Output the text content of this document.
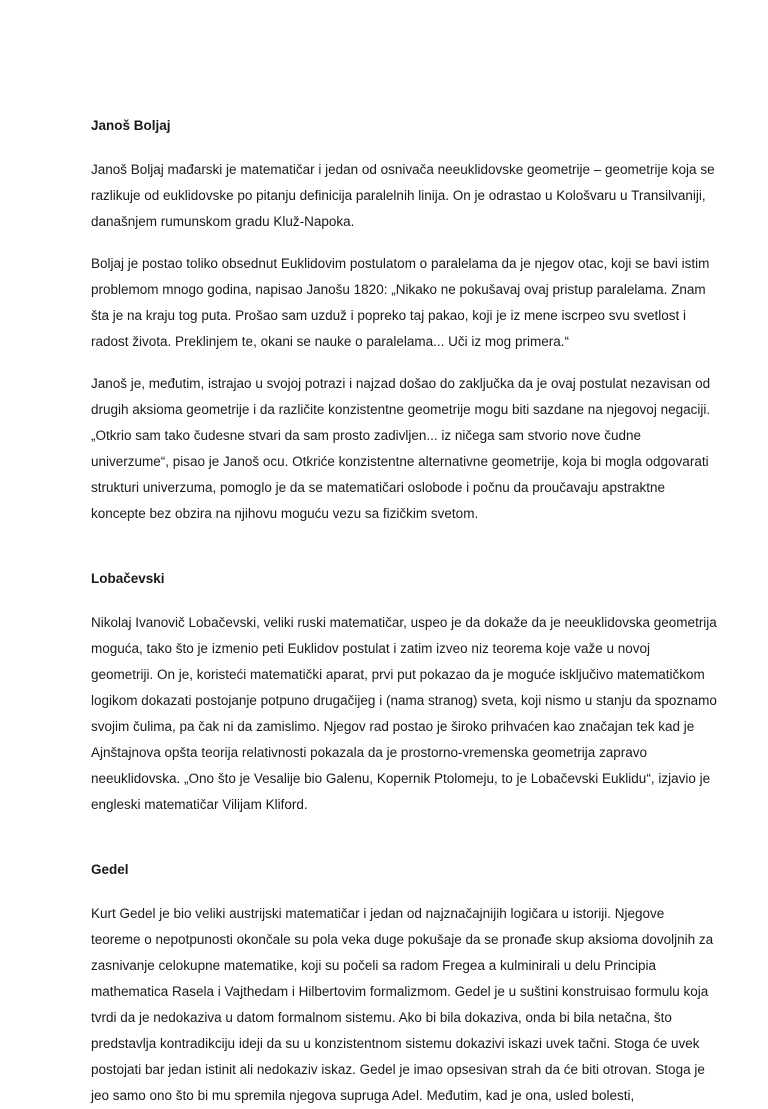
Janoš Boljaj
Janoš Boljaj mađarski je matematičar i jedan od osnivača neeuklidovske geometrije – geometrije koja se
razlikuje od euklidovske po pitanju definicija paralelnih linija. On je odrastao u Kološvaru u Transilvaniji,
današnjem rumunskom gradu Kluž-Napoka.
Boljaj je postao toliko obsednut Euklidovim postulatom o paralelama da je njegov otac, koji se bavi istim
problemom mnogo godina, napisao Janošu 1820: „Nikako ne pokušavaj ovaj pristup paralelama. Znam
šta je na kraju tog puta. Prošao sam uzduž i popreko taj pakao, koji je iz mene iscrpeo svu svetlost i
radost života. Preklinjem te, okani se nauke o paralelama... Uči iz mog primera.“
Janoš je, međutim, istrajao u svojoj potrazi i najzad došao do zaključka da je ovaj postulat nezavisan od
drugih aksioma geometrije i da različite konzistentne geometrije mogu biti sazdane na njegovoj negaciji.
„Otkrio sam tako čudesne stvari da sam prosto zadivljen... iz ničega sam stvorio nove čudne
univerzume“, pisao je Janoš ocu. Otkriće konzistentne alternativne geometrije, koja bi mogla odgovarati
strukturi univerzuma, pomoglo je da se matematičari oslobode i počnu da proučavaju apstraktne
koncepte bez obzira na njihovu moguću vezu sa fizičkim svetom.
Lobačevski
Nikolaj Ivanovič Lobačevski, veliki ruski matematičar, uspeo je da dokaže da je neeuklidovska geometrija
moguća, tako što je izmenio peti Euklidov postulat i zatim izveo niz teorema koje važe u novoj
geometriji. On je, koristeći matematički aparat, prvi put pokazao da je moguće isključivo matematičkom
logikom dokazati postojanje potpuno drugačijeg i (nama stranog) sveta, koji nismo u stanju da spoznamo
svojim čulima, pa čak ni da zamislimo. Njegov rad postao je široko prihvaćen kao značajan tek kad je
Ajnštajnova opšta teorija relativnosti pokazala da je prostorno-vremenska geometrija zapravo
neeuklidovska. „Ono što je Vesalije bio Galenu, Kopernik Ptolomeju, to je Lobačevski Euklidu“, izjavio je
engleski matematičar Vilijam Kliford.
Gedel
Kurt Gedel je bio veliki austrijski matematičar i jedan od najznačajnijih logičara u istoriji. Njegove
teoreme o nepotpunosti okončale su pola veka duge pokušaje da se pronađe skup aksioma dovoljnih za
zasnivanje celokupne matematike, koji su počeli sa radom Fregea a kulminirali u delu Principia
mathematica Rasela i Vajthedam i Hilbertovim formalizmom. Gedel je u suštini konstruisao formulu koja
tvrdi da je nedokaziva u datom formalnom sistemu. Ako bi bila dokaziva, onda bi bila netačna, što
predstavlja kontradikciju ideji da su u konzistentnom sistemu dokazivi iskazi uvek tačni. Stoga će uvek
postojati bar jedan istinit ali nedokaziv iskaz. Gedel je imao opsesivan strah da će biti otrovan. Stoga je
jeo samo ono što bi mu spremila njegova supruga Adel. Međutim, kad je ona, usled bolesti,
